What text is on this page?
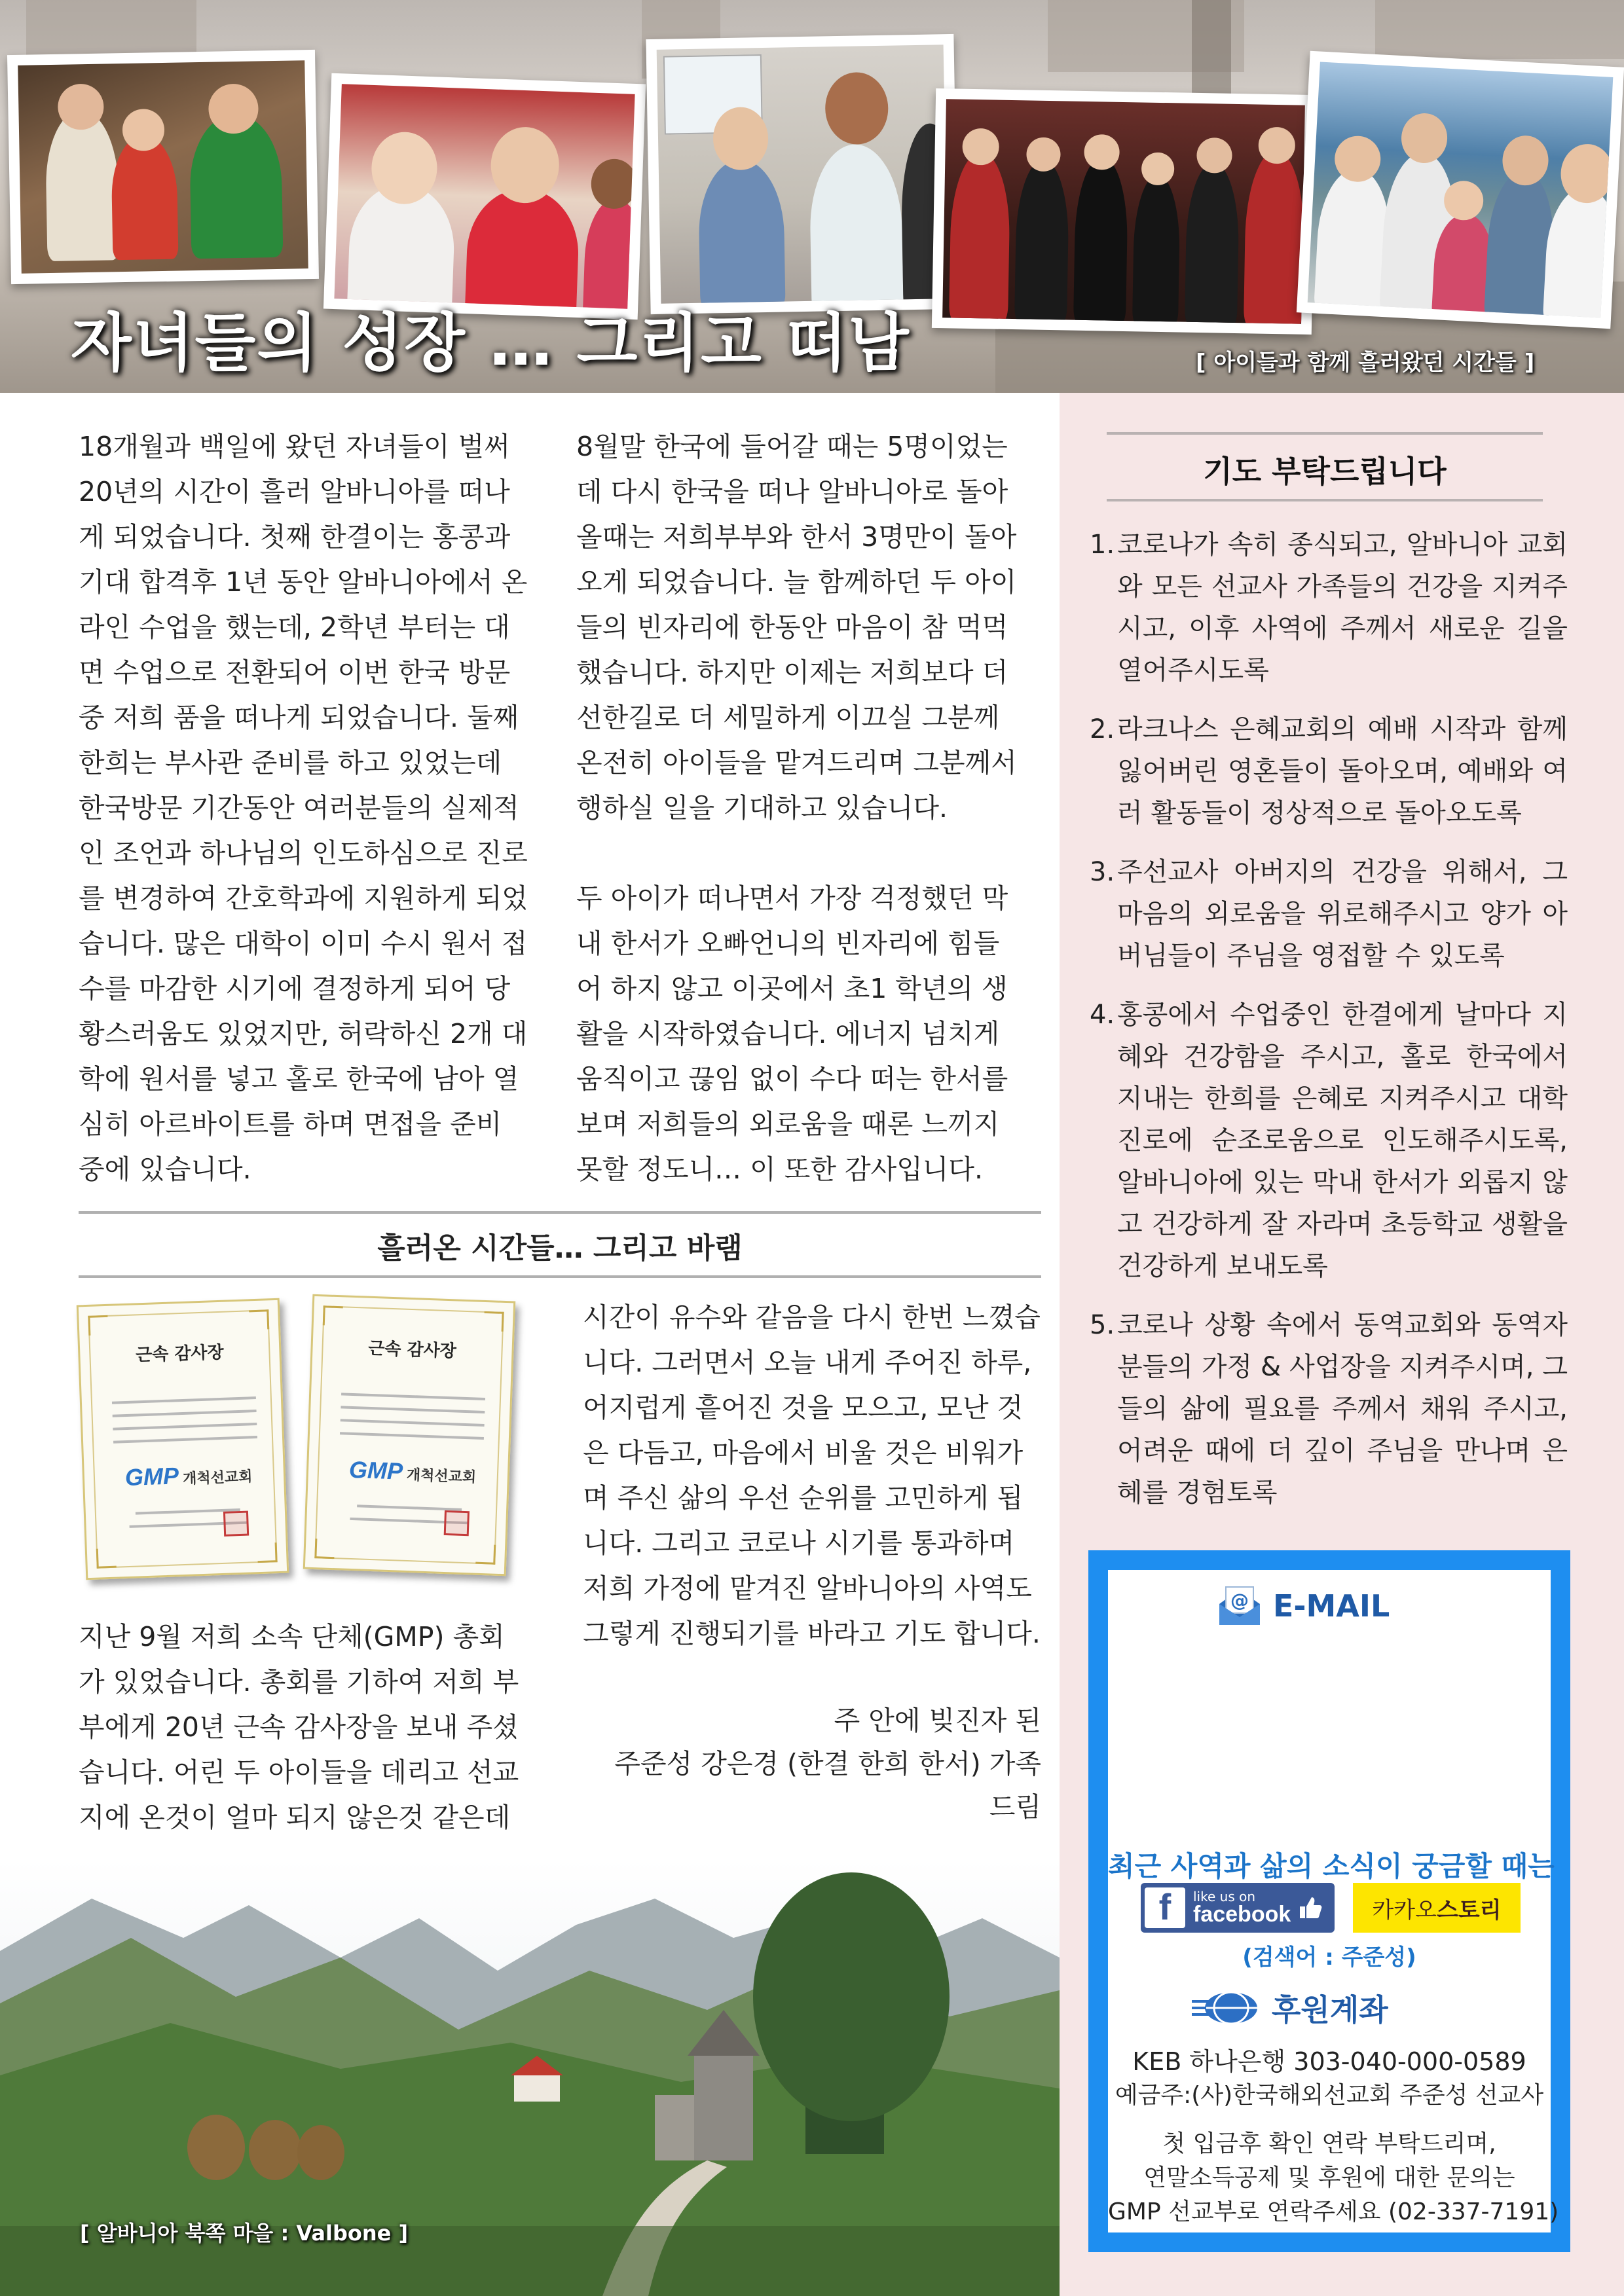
자녀들의 성장 … 그리고 떠남	[ 아이들과 함께 흘러왔던 시간들 ]
18개월과 백일에 왔던 자녀들이 벌써
20년의 시간이 흘러 알바니아를 떠나
게 되었습니다. 첫째 한결이는 홍콩과
기대 합격후 1년 동안 알바니아에서 온
라인 수업을 했는데, 2학년 부터는 대
면 수업으로 전환되어 이번 한국 방문
중 저희 품을 떠나게 되었습니다. 둘째
한희는 부사관 준비를 하고 있었는데
한국방문 기간동안 여러분들의 실제적
인 조언과 하나님의 인도하심으로 진로
를 변경하여 간호학과에 지원하게 되었
습니다. 많은 대학이 이미 수시 원서 접
수를 마감한 시기에 결정하게 되어 당
황스러움도 있었지만, 허락하신 2개 대
학에 원서를 넣고 홀로 한국에 남아 열
심히 아르바이트를 하며 면접을 준비
중에 있습니다.
8월말 한국에 들어갈 때는 5명이었는
데 다시 한국을 떠나 알바니아로 돌아
올때는 저희부부와 한서 3명만이 돌아
오게 되었습니다. 늘 함께하던 두 아이
들의 빈자리에 한동안 마음이 참 먹먹
했습니다. 하지만 이제는 저희보다 더
선한길로 더 세밀하게 이끄실 그분께
온전히 아이들을 맡겨드리며 그분께서
행하실 일을 기대하고 있습니다.
두 아이가 떠나면서 가장 걱정했던 막
내 한서가 오빠언니의 빈자리에 힘들
어 하지 않고 이곳에서 초1 학년의 생
활을 시작하였습니다. 에너지 넘치게
움직이고 끊임 없이 수다 떠는 한서를
보며 저희들의 외로움을 때론 느끼지
못할 정도니… 이 또한 감사입니다.
흘러온 시간들… 그리고 바램
근속 감사장
GMP 개척선교회
근속 감사장
GMP 개척선교회
지난 9월 저희 소속 단체(GMP) 총회
가 있었습니다. 총회를 기하여 저희 부
부에게 20년 근속 감사장을 보내 주셨
습니다. 어린 두 아이들을 데리고 선교
지에 온것이 얼마 되지 않은것 같은데
시간이 유수와 같음을 다시 한번 느꼈습
니다. 그러면서 오늘 내게 주어진 하루,
어지럽게 흩어진 것을 모으고, 모난 것
은 다듬고, 마음에서 비울 것은 비워가
며 주신 삶의 우선 순위를 고민하게 됩
니다. 그리고 코로나 시기를 통과하며
저희 가정에 맡겨진 알바니아의 사역도
그렇게 진행되기를 바라고 기도 합니다.
주 안에 빚진자 된
주준성 강은경 (한결 한희 한서) 가족
드림
[ 알바니아 북쪽 마을 : Valbone ]
기도 부탁드립니다
1. 코로나가 속히 종식되고, 알바니아 교회와 모든 선교사 가족들의 건강을 지켜주시고, 이후 사역에 주께서 새로운 길을 열어주시도록
2. 라크나스 은혜교회의 예배 시작과 함께 잃어버린 영혼들이 돌아오며, 예배와 여러 활동들이 정상적으로 돌아오도록
3. 주선교사 아버지의 건강을 위해서, 그 마음의 외로움을 위로해주시고 양가 아버님들이 주님을 영접할 수 있도록
4. 홍콩에서 수업중인 한결에게 날마다 지혜와 건강함을 주시고, 홀로 한국에서 지내는 한희를 은혜로 지켜주시고 대학진로에 순조로움으로 인도해주시도록, 알바니아에 있는 막내 한서가 외롭지 않고 건강하게 잘 자라며 초등학교 생활을 건강하게 보내도록
5. 코로나 상황 속에서 동역교회와 동역자분들의 가정 & 사업장을 지켜주시며, 그들의 삶에 필요를 주께서 채워 주시고, 어려운 때에 더 깊이 주님을 만나며 은혜를 경험토록
@ E-MAIL
최근 사역과 삶의 소식이 궁금할 때는
f	like us on
facebook	카카오 스토리
(검색어 : 주준성)
후원계좌
KEB 하나은행 303-040-000-0589
예금주:(사)한국해외선교회 주준성 선교사
첫 입금후 확인 연락 부탁드리며,
연말소득공제 및 후원에 대한 문의는
GMP 선교부로 연락주세요 (02-337-7191)
